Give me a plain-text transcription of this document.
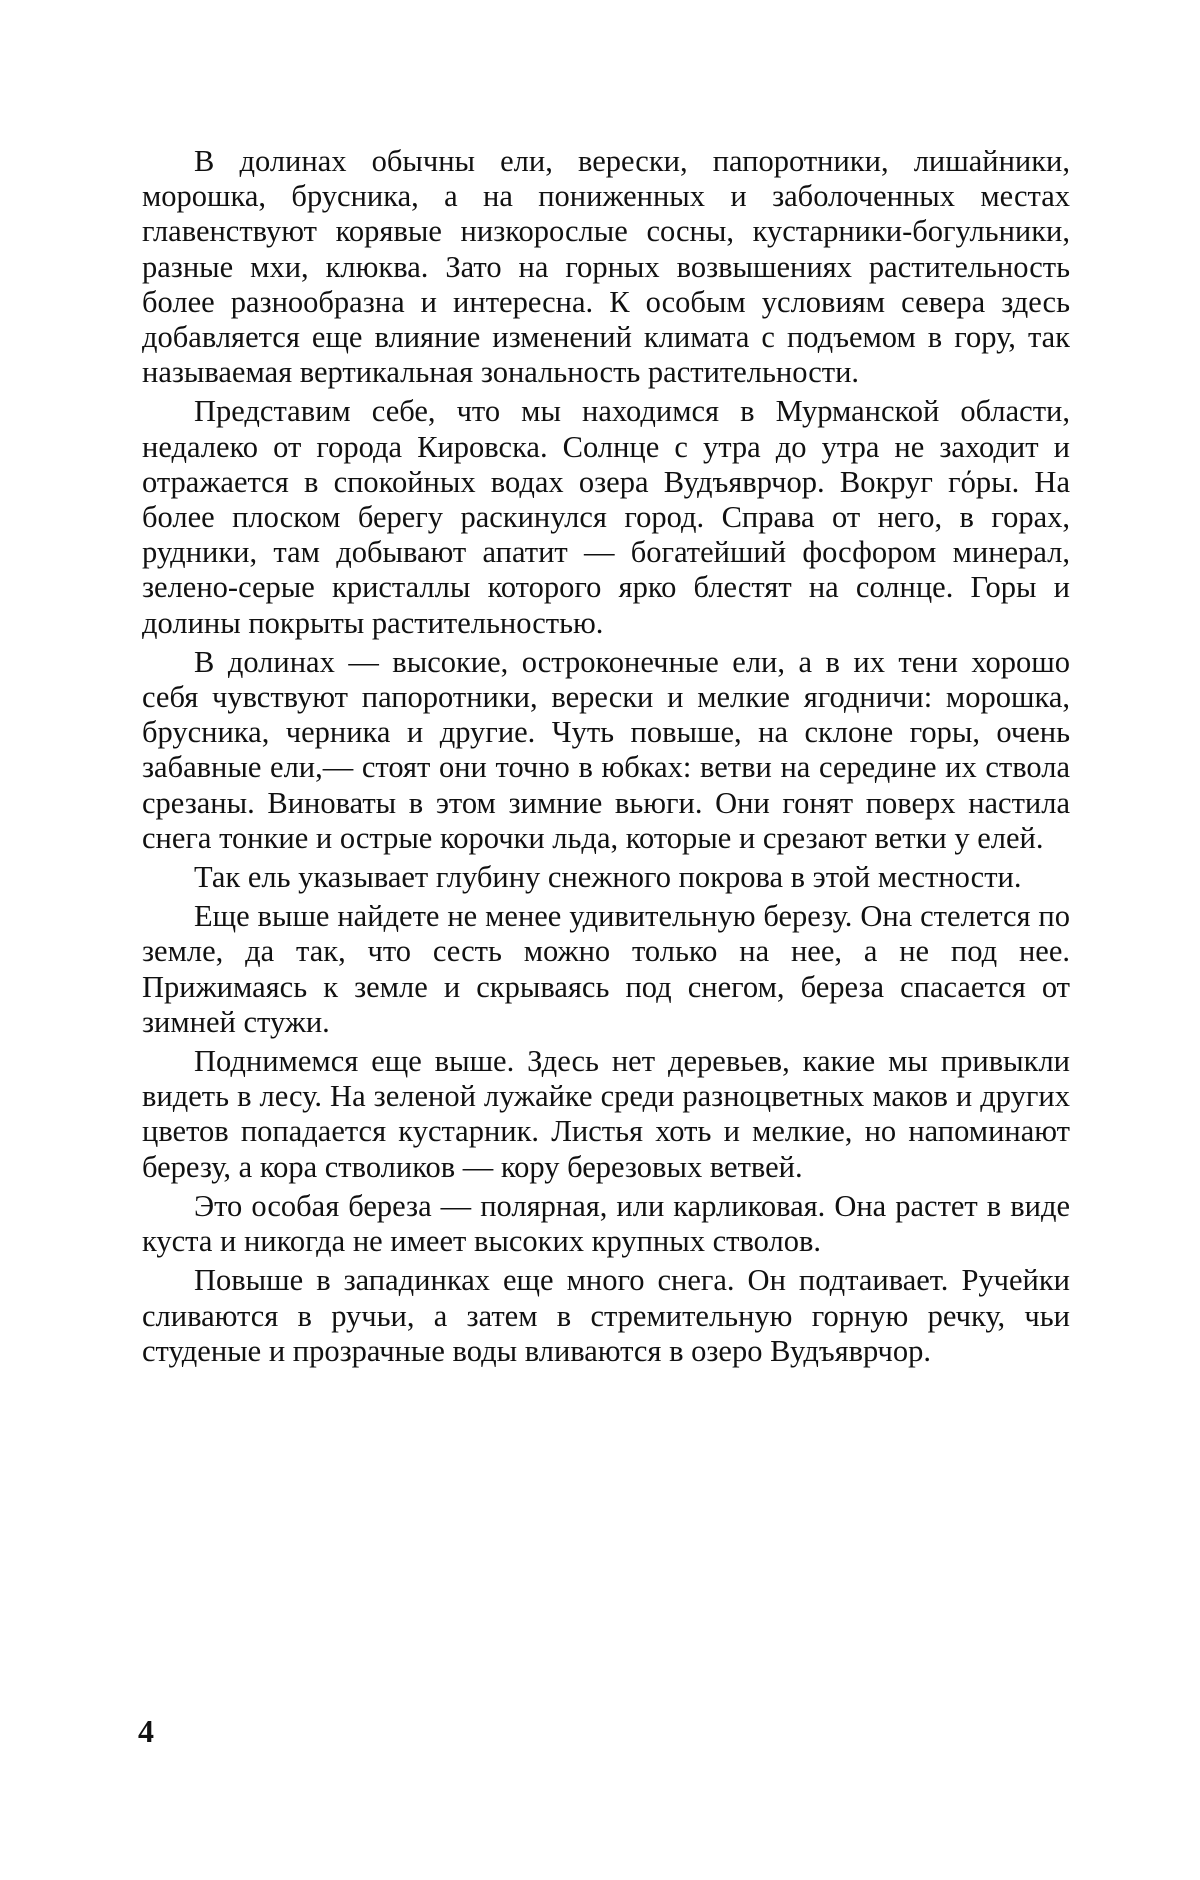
В долинах обычны ели, верески, папоротники, лишайники, морошка, брусника, а на пониженных и заболоченных местах главенствуют корявые низкорослые сосны, кустарники-богульники, разные мхи, клюква. Зато на горных возвышениях растительность более разнообразна и интересна. К особым условиям севера здесь добавляется еще влияние изменений климата с подъемом в гору, так называемая вертикальная зональность растительности.

Представим себе, что мы находимся в Мурманской области, недалеко от города Кировска. Солнце с утра до утра не заходит и отражается в спокойных водах озера Вудъяврчор. Вокруг гόры. На более плоском берегу раскинулся город. Справа от него, в горах, рудники, там добывают апатит — богатейший фосфором минерал, зелено-серые кристаллы которого ярко блестят на солнце. Горы и долины покрыты растительностью.

В долинах — высокие, остроконечные ели, а в их тени хорошо себя чувствуют папоротники, верески и мелкие ягодничи: морошка, брусника, черника и другие. Чуть повыше, на склоне горы, очень забавные ели,— стоят они точно в юбках: ветви на середине их ствола срезаны. Виноваты в этом зимние вьюги. Они гонят поверх настила снега тонкие и острые корочки льда, которые и срезают ветки у елей.

Так ель указывает глубину снежного покрова в этой местности.

Еще выше найдете не менее удивительную березу. Она стелется по земле, да так, что сесть можно только на нее, а не под нее. Прижимаясь к земле и скрываясь под снегом, береза спасается от зимней стужи.

Поднимемся еще выше. Здесь нет деревьев, какие мы привыкли видеть в лесу. На зеленой лужайке среди разноцветных маков и других цветов попадается кустарник. Листья хоть и мелкие, но напоминают березу, а кора стволиков — кору березовых ветвей.

Это особая береза — полярная, или карликовая. Она растет в виде куста и никогда не имеет высоких крупных стволов.

Повыше в западинках еще много снега. Он подтаивает. Ручейки сливаются в ручьи, а затем в стремительную горную речку, чьи студеные и прозрачные воды вливаются в озеро Вудъяврчор.

4
